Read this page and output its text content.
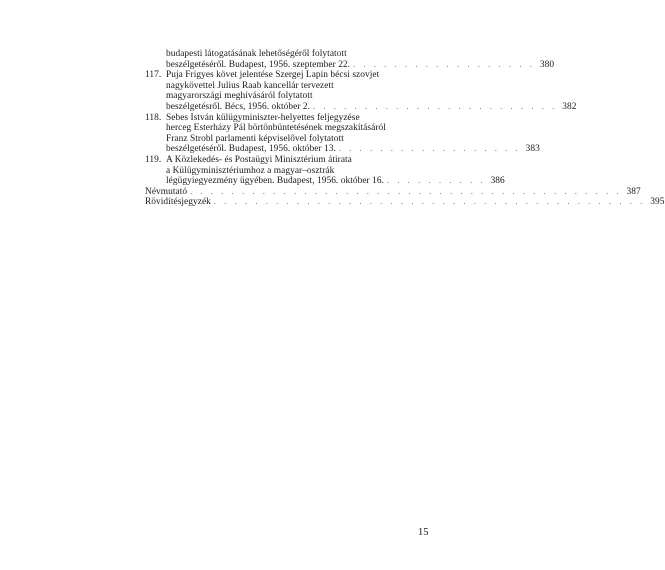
budapesti látogatásának lehetőségéről folytatott
beszélgetéséről. Budapest, 1956. szeptember 22. . . . . . . . . . . . . . . . . . . 380
117. Puja Frigyes követ jelentése Szergej Lapin bécsi szovjet
nagykövettel Julius Raab kancellár tervezett
magyarországi meghívásáról folytatott
beszélgetésről. Bécs, 1956. október 2. . . . . . . . . . . . . . . . . . . . . . . . . 382
118. Sebes István külügyminiszter-helyettes feljegyzése
herceg Esterházy Pál börtönbüntetésének megszakításáról
Franz Strobl parlamenti képviselővel folytatott
beszélgetéséről. Budapest, 1956. október 13. . . . . . . . . . . . . . . . . . . 383
119. A Közlekedés- és Postaügyi Minisztérium átirata
a Külügyminisztériumhoz a magyar–osztrák
légügyiegyezmény ügyében. Budapest, 1956. október 16. . . . . . . . . . . 386
Névmutató . . . . . . . . . . . . . . . . . . . . . . . . . . . . . . . . . . . . . . . . . . 387
Rövidítésjegyzék . . . . . . . . . . . . . . . . . . . . . . . . . . . . . . . . . . . . . . . . . . 395
15
